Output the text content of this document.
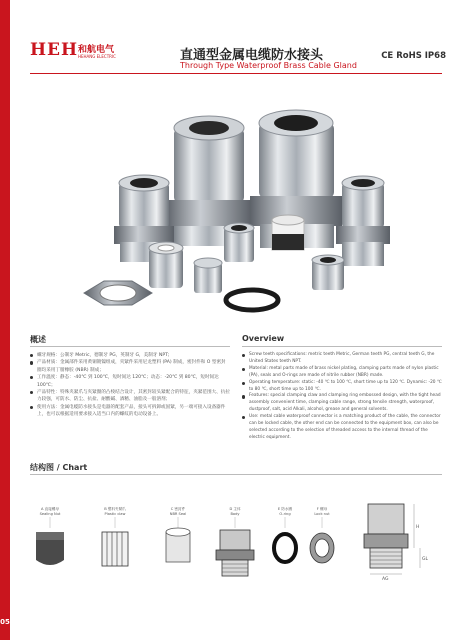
05
HEH 和航电气
HEHANG ELECTRIC	直通型金属电缆防水接头
Through Type Waterproof Brass Cable Gland
CE RoHS IP68
概述
螺牙规格：公制牙 Metric，德制牙 PG，英制牙 G，美制牙 NPT;
产品材质：金属部件采用黄铜镀镍组成，夹紧件采用尼龙塑料 (PA) 制成，密封件和 O 型密封圈均采用丁腈橡胶 (NBR) 制成；
工作温度：静态：-40℃ 到 100℃，短时间达 120℃；动态：-20℃ 到 80℃，短时间达 100℃；
产品特性：特殊夹紧爪与夹紧圈的凸棱结合设计，其密封较头紧配合的特征，夹紧范围大、抗拉力较强，可防水、防尘、抗盐、耐酸碱、酒精、油脂及一般溶剂；
使用方法：金属电缆防水接头是电器的配套产品，接头可拆卸或固紧，另一端可接入设备器件上，也可以根据适用要求接入适当口内的螺纹的电动设备上。
Overview
Screw teeth specifications: metric teeth Metric, German teeth PG, central teeth G, the United States teeth NPT.
Material: metal parts made of brass nickel plating, clamping parts made of nylon plastic (PA), seals and O-rings are made of nitrile rubber (NBR) made.
Operating temperature: static: -40 ℃ to 100 ℃, short time up to 120 ℃. Dynamic: -20 ℃ to 80 ℃, short time up to 100 ℃.
Features: special clamping claw and clamping ring embossed design, with the tight head assembly convenient time, clamping cable range, strong tensile strength, waterproof, dustproof, salt, acid Alkali, alcohol, grease and general solvents.
Use: metal cable waterproof connector is a matching product of the cable, the connector can be locked cable, the other end can be connected to the equipment box, can also be selected according to the selection of threaded access to the internal thread of the electric equipment.
结构图 / Chart
A 直接螺母
Sealing Nut
B 塑料夹紧爪
Plastic claw
C 密封件
NBR Seal
D 主体
Body
E 防水圈
O-ring
F 螺母
Lock nut
H
GL
AG
